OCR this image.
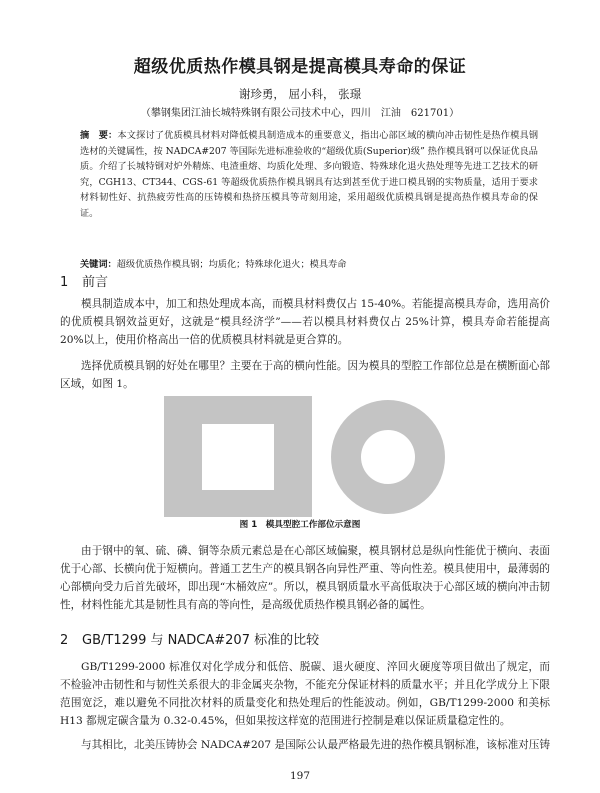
超级优质热作模具钢是提高模具寿命的保证
谢珍勇， 屈小科， 张璟
（攀钢集团江油长城特殊钢有限公司技术中心，四川　江油　621701）
摘　要：本文探讨了优质模具材料对降低模具制造成本的重要意义，指出心部区域的横向冲击韧性是热作模具钢选材的关键属性，按 NADCA#207 等国际先进标准验收的“超级优质(Superior)级” 热作模具钢可以保证优良品质。介绍了长城特钢对炉外精炼、电渣重熔、均质化处理、多向锻造、特殊球化退火热处理等先进工艺技术的研究，CGH13、CT344、CGS-61 等超级优质热作模具钢具有达到甚至优于进口模具钢的实物质量，适用于要求材料韧性好、抗热疲劳性高的压铸模和热挤压模具等苛刻用途，采用超级优质模具钢是提高热作模具寿命的保证。
关键词：超级优质热作模具钢；均质化；特殊球化退火；模具寿命
1 前言
模具制造成本中，加工和热处理成本高，而模具材料费仅占 15-40%。若能提高模具寿命，选用高价的优质模具钢效益更好，这就是“模具经济学”——若以模具材料费仅占 25%计算，模具寿命若能提高 20%以上，使用价格高出一倍的优质模具材料就是更合算的。
选择优质模具钢的好处在哪里？主要在于高的横向性能。因为模具的型腔工作部位总是在横断面心部区域，如图 1。
图 1　模具型腔工作部位示意图
由于钢中的氧、硫、磷、铜等杂质元素总是在心部区域偏聚，模具钢材总是纵向性能优于横向、表面优于心部、长横向优于短横向。普通工艺生产的模具钢各向异性严重、等向性差。模具使用中，最薄弱的心部横向受力后首先破坏，即出现“木桶效应”。所以，模具钢质量水平高低取决于心部区域的横向冲击韧性，材料性能尤其是韧性具有高的等向性，是高级优质热作模具钢必备的属性。
2 GB/T1299 与 NADCA#207 标准的比较
GB/T1299-2000 标准仅对化学成分和低倍、脱碳、退火硬度、淬回火硬度等项目做出了规定，而不检验冲击韧性和与韧性关系很大的非金属夹杂物，不能充分保证材料的质量水平；并且化学成分上下限范围宽泛，难以避免不同批次材料的质量变化和热处理后的性能波动。例如，GB/T1299-2000 和美标 H13 都规定碳含量为 0.32-0.45%，但如果按这样宽的范围进行控制是难以保证质量稳定性的。
与其相比，北美压铸协会 NADCA#207 是国际公认最严格最先进的热作模具钢标准，该标准对压铸
197
